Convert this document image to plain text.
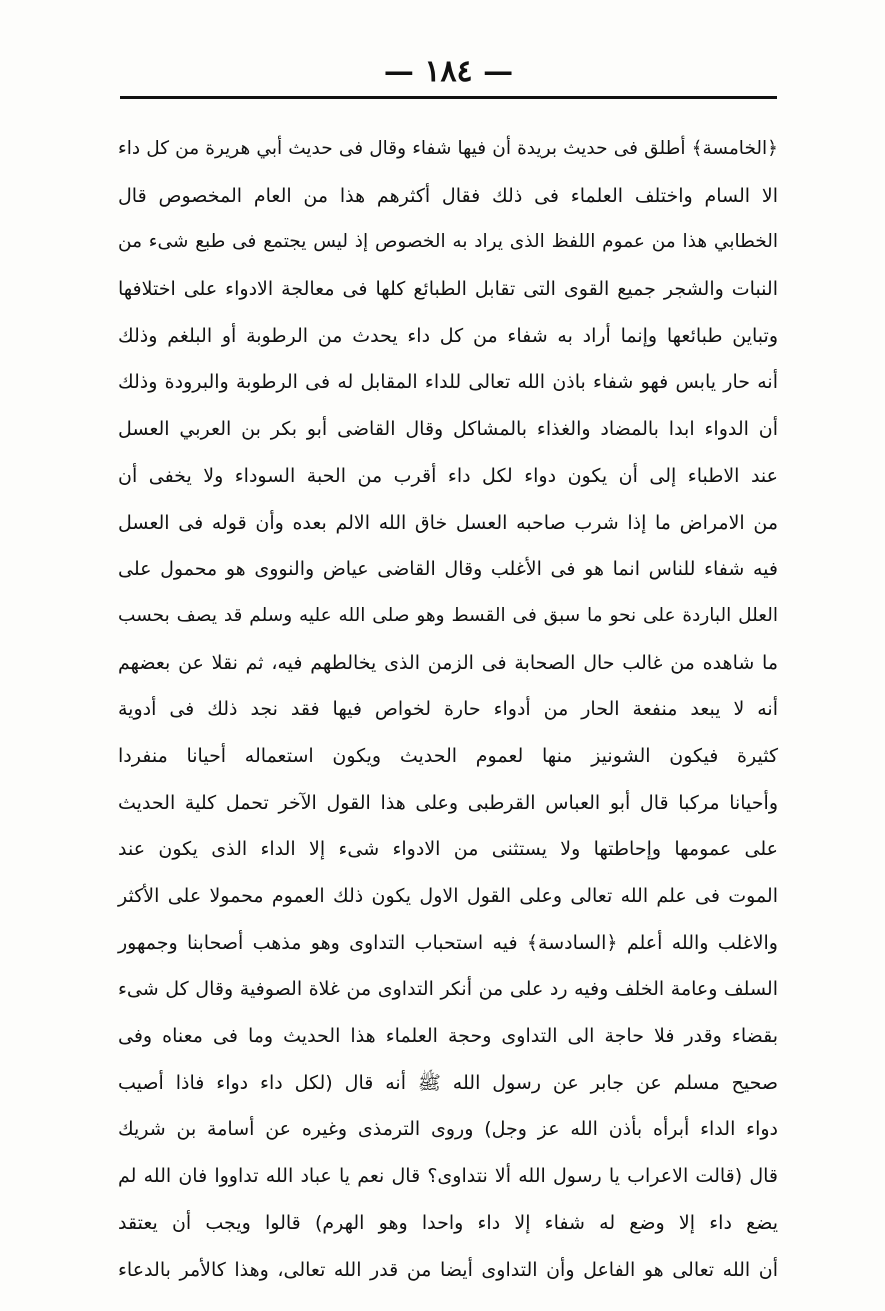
— ١٨٤ —
﴿الخامسة﴾ أطلق فى حديث بريدة أن فيها شفاء وقال فى حديث أبي هريرة من كل داء
الا السام واختلف العلماء فى ذلك فقال أكثرهم هذا من العام المخصوص قال
الخطابي هذا من عموم اللفظ الذى يراد به الخصوص إذ ليس يجتمع فى طبع شىء من
النبات والشجر جميع القوى التى تقابل الطبائع كلها فى معالجة الادواء على اختلافها
وتباين طبائعها وإنما أراد به شفاء من كل داء يحدث من الرطوبة أو البلغم وذلك
أنه حار يابس فهو شفاء باذن الله تعالى للداء المقابل له فى الرطوبة والبرودة وذلك
أن الدواء ابدا بالمضاد والغذاء بالمشاكل وقال القاضى أبو بكر بن العربي العسل
عند الاطباء إلى أن يكون دواء لكل داء أقرب من الحبة السوداء ولا يخفى أن
من الامراض ما إذا شرب صاحبه العسل خاق الله الالم بعده وأن قوله فى العسل
فيه شفاء للناس انما هو فى الأغلب وقال القاضى عياض والنووى هو محمول على
العلل الباردة على نحو ما سبق فى القسط وهو صلى الله عليه وسلم قد يصف بحسب
ما شاهده من غالب حال الصحابة فى الزمن الذى يخالطهم فيه، ثم نقلا عن بعضهم
أنه لا يبعد منفعة الحار من أدواء حارة لخواص فيها فقد نجد ذلك فى أدوية
كثيرة فيكون الشونيز منها لعموم الحديث ويكون استعماله أحيانا منفردا
وأحيانا مركبا قال أبو العباس القرطبى وعلى هذا القول الآخر تحمل كلية الحديث
على عمومها وإحاطتها ولا يستثنى من الادواء شىء إلا الداء الذى يكون عند
الموت فى علم الله تعالى وعلى القول الاول يكون ذلك العموم محمولا على الأكثر
والاغلب والله أعلم ﴿السادسة﴾ فيه استحباب التداوى وهو مذهب أصحابنا وجمهور
السلف وعامة الخلف وفيه رد على من أنكر التداوى من غلاة الصوفية وقال كل شىء
بقضاء وقدر فلا حاجة الى التداوى وحجة العلماء هذا الحديث وما فى معناه وفى
صحيح مسلم عن جابر عن رسول الله ﷺ أنه قال (لكل داء دواء فاذا أصيب
دواء الداء أبرأه بأذن الله عز وجل) وروى الترمذى وغيره عن أسامة بن شريك
قال (قالت الاعراب يا رسول الله ألا نتداوى؟ قال نعم يا عباد الله تداووا فان الله لم
يضع داء إلا وضع له شفاء إلا داء واحدا وهو الهرم) قالوا ويجب أن يعتقد
أن الله تعالى هو الفاعل وأن التداوى أيضا من قدر الله تعالى، وهذا كالأمر بالدعاء
